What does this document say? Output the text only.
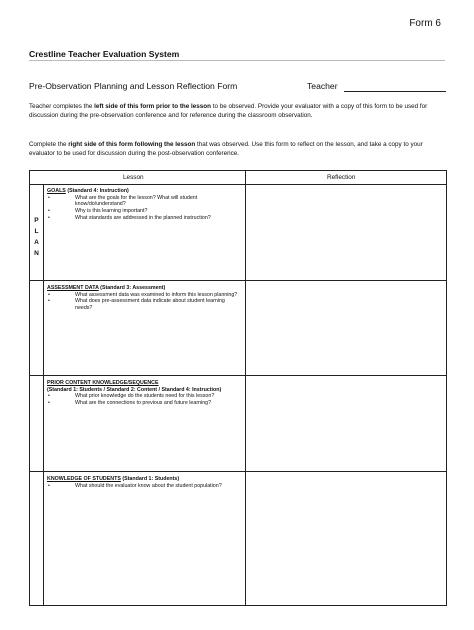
Form 6
Crestline Teacher Evaluation System
Pre-Observation Planning and Lesson Reflection Form	Teacher
Teacher completes the left side of this form prior to the lesson to be observed. Provide your evaluator with a copy of this form to be used for discussion during the pre-observation conference and for reference during the classroom observation.
Complete the right side of this form following the lesson that was observed. Use this form to reflect on the lesson, and take a copy to your evaluator to be used for discussion during the post-observation conference.
Lesson	Reflection
P
L
A
N
GOALS (Standard 4: Instruction)
•	What are the goals for the lesson? What will student know/do/understand?
•	Why is this learning important?
•	What standards are addressed in the planned instruction?
ASSESSMENT DATA (Standard 3: Assessment)
•	What assessment data was examined to inform this lesson planning?
•	What does pre-assessment data indicate about student learning needs?
PRIOR CONTENT KNOWLEDGE/SEQUENCE
(Standard 1: Students / Standard 2: Content / Standard 4: Instruction)
•	What prior knowledge do the students need for this lesson?
•	What are the connections to previous and future learning?
KNOWLEDGE OF STUDENTS (Standard 1: Students)
•	What should the evaluator know about the student population?
